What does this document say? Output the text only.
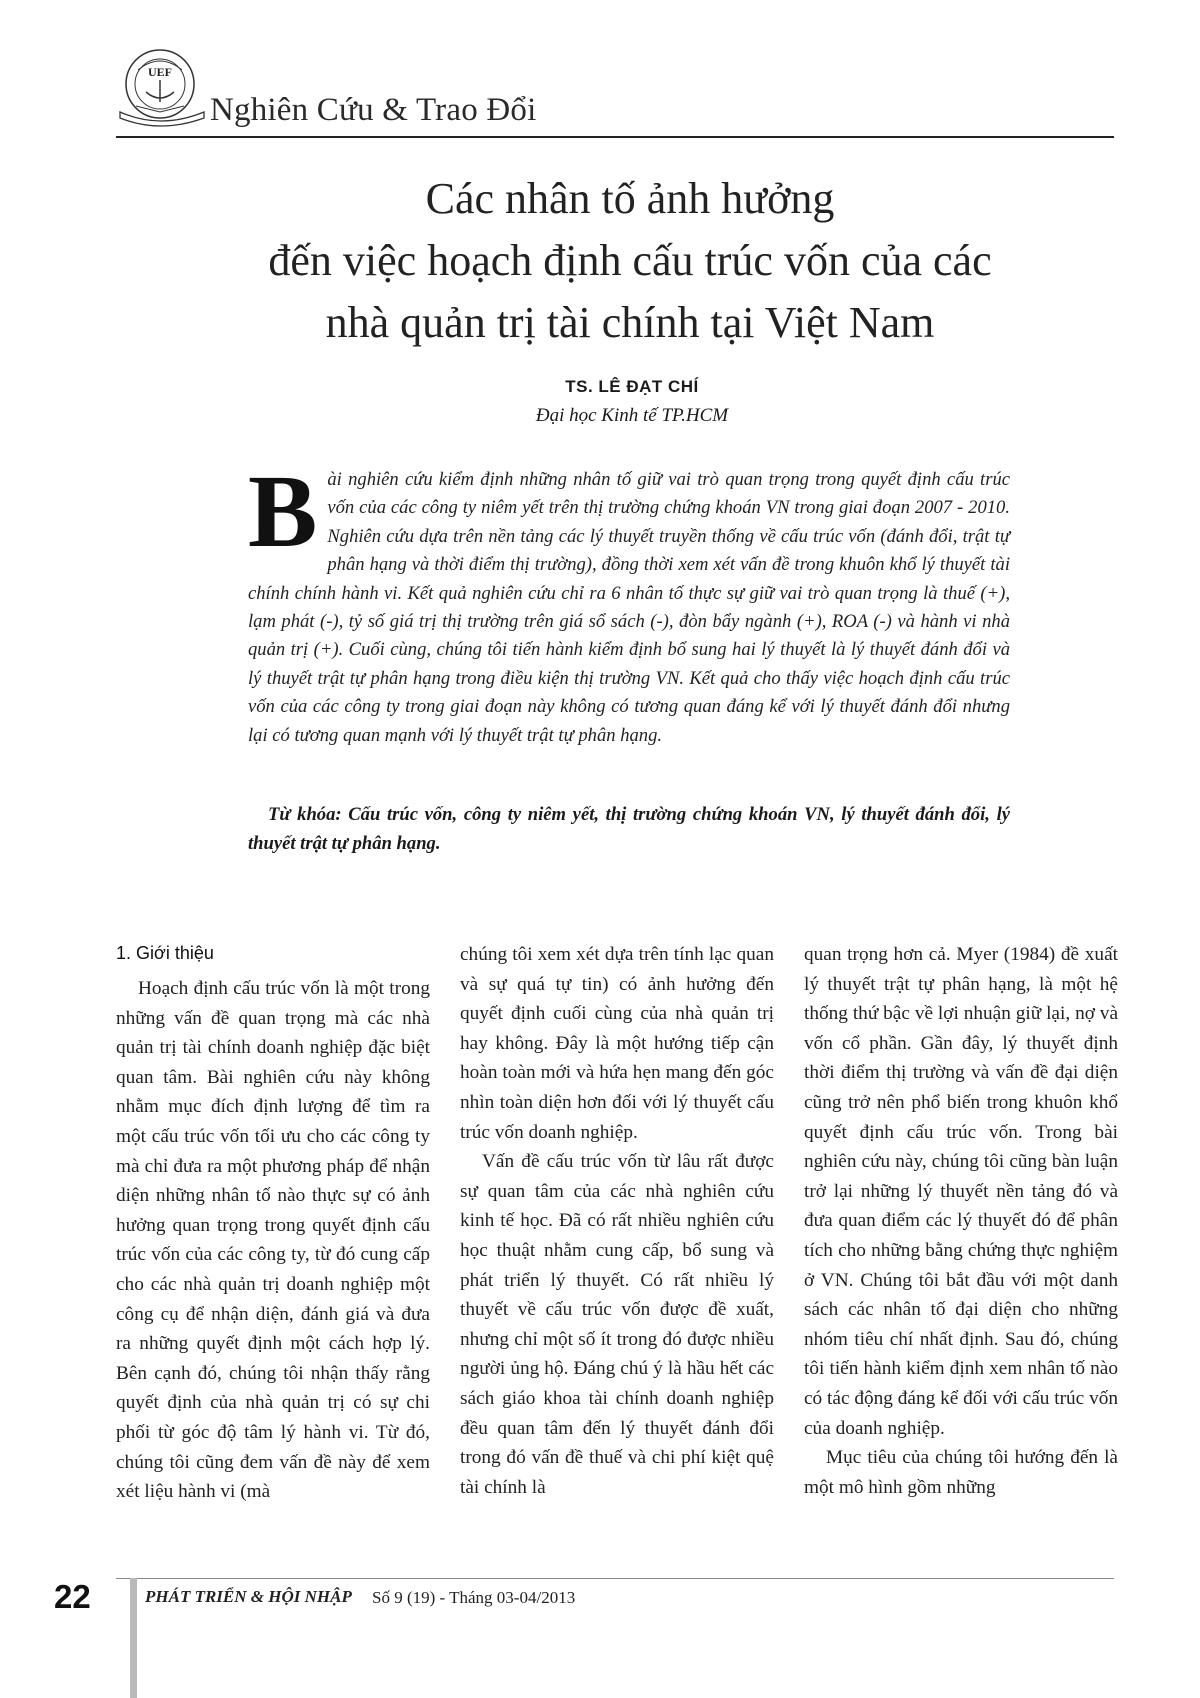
UEF
Nghiên Cứu & Trao Đổi
Các nhân tố ảnh hưởng
đến việc hoạch định cấu trúc vốn của các
nhà quản trị tài chính tại Việt Nam
TS. LÊ ĐẠT CHÍ
Đại học Kinh tế TP.HCM
Bài nghiên cứu kiểm định những nhân tố giữ vai trò quan trọng trong quyết định cấu trúc vốn của các công ty niêm yết trên thị trường chứng khoán VN trong giai đoạn 2007 - 2010. Nghiên cứu dựa trên nền tảng các lý thuyết truyền thống về cấu trúc vốn (đánh đổi, trật tự phân hạng và thời điểm thị trường), đồng thời xem xét vấn đề trong khuôn khổ lý thuyết tài chính chính hành vi. Kết quả nghiên cứu chỉ ra 6 nhân tố thực sự giữ vai trò quan trọng là thuế (+), lạm phát (-), tỷ số giá trị thị trường trên giá sổ sách (-), đòn bẩy ngành (+), ROA (-) và hành vi nhà quản trị (+). Cuối cùng, chúng tôi tiến hành kiểm định bổ sung hai lý thuyết là lý thuyết đánh đổi và lý thuyết trật tự phân hạng trong điều kiện thị trường VN. Kết quả cho thấy việc hoạch định cấu trúc vốn của các công ty trong giai đoạn này không có tương quan đáng kể với lý thuyết đánh đổi nhưng lại có tương quan mạnh với lý thuyết trật tự phân hạng.
Từ khóa: Cấu trúc vốn, công ty niêm yết, thị trường chứng khoán VN, lý thuyết đánh đổi, lý thuyết trật tự phân hạng.
1. Giới thiệu

Hoạch định cấu trúc vốn là một trong những vấn đề quan trọng mà các nhà quản trị tài chính doanh nghiệp đặc biệt quan tâm. Bài nghiên cứu này không nhằm mục đích định lượng để tìm ra một cấu trúc vốn tối ưu cho các công ty mà chỉ đưa ra một phương pháp để nhận diện những nhân tố nào thực sự có ảnh hưởng quan trọng trong quyết định cấu trúc vốn của các công ty, từ đó cung cấp cho các nhà quản trị doanh nghiệp một công cụ để nhận diện, đánh giá và đưa ra những quyết định một cách hợp lý. Bên cạnh đó, chúng tôi nhận thấy rằng quyết định của nhà quản trị có sự chi phối từ góc độ tâm lý hành vi. Từ đó, chúng tôi cũng đem vấn đề này để xem xét liệu hành vi (mà

chúng tôi xem xét dựa trên tính lạc quan và sự quá tự tin) có ảnh hưởng đến quyết định cuối cùng của nhà quản trị hay không. Đây là một hướng tiếp cận hoàn toàn mới và hứa hẹn mang đến góc nhìn toàn diện hơn đối với lý thuyết cấu trúc vốn doanh nghiệp.

Vấn đề cấu trúc vốn từ lâu rất được sự quan tâm của các nhà nghiên cứu kinh tế học. Đã có rất nhiều nghiên cứu học thuật nhằm cung cấp, bổ sung và phát triển lý thuyết. Có rất nhiều lý thuyết về cấu trúc vốn được đề xuất, nhưng chỉ một số ít trong đó được nhiều người ủng hộ. Đáng chú ý là hầu hết các sách giáo khoa tài chính doanh nghiệp đều quan tâm đến lý thuyết đánh đổi trong đó vấn đề thuế và chi phí kiệt quệ tài chính là

quan trọng hơn cả. Myer (1984) đề xuất lý thuyết trật tự phân hạng, là một hệ thống thứ bậc về lợi nhuận giữ lại, nợ và vốn cổ phần. Gần đây, lý thuyết định thời điểm thị trường và vấn đề đại diện cũng trở nên phổ biến trong khuôn khổ quyết định cấu trúc vốn. Trong bài nghiên cứu này, chúng tôi cũng bàn luận trở lại những lý thuyết nền tảng đó và đưa quan điểm các lý thuyết đó để phân tích cho những bằng chứng thực nghiệm ở VN. Chúng tôi bắt đầu với một danh sách các nhân tố đại diện cho những nhóm tiêu chí nhất định. Sau đó, chúng tôi tiến hành kiểm định xem nhân tố nào có tác động đáng kể đối với cấu trúc vốn của doanh nghiệp.

Mục tiêu của chúng tôi hướng đến là một mô hình gồm những

22	PHÁT TRIỂN & HỘI NHẬP Số 9 (19) - Tháng 03-04/2013
